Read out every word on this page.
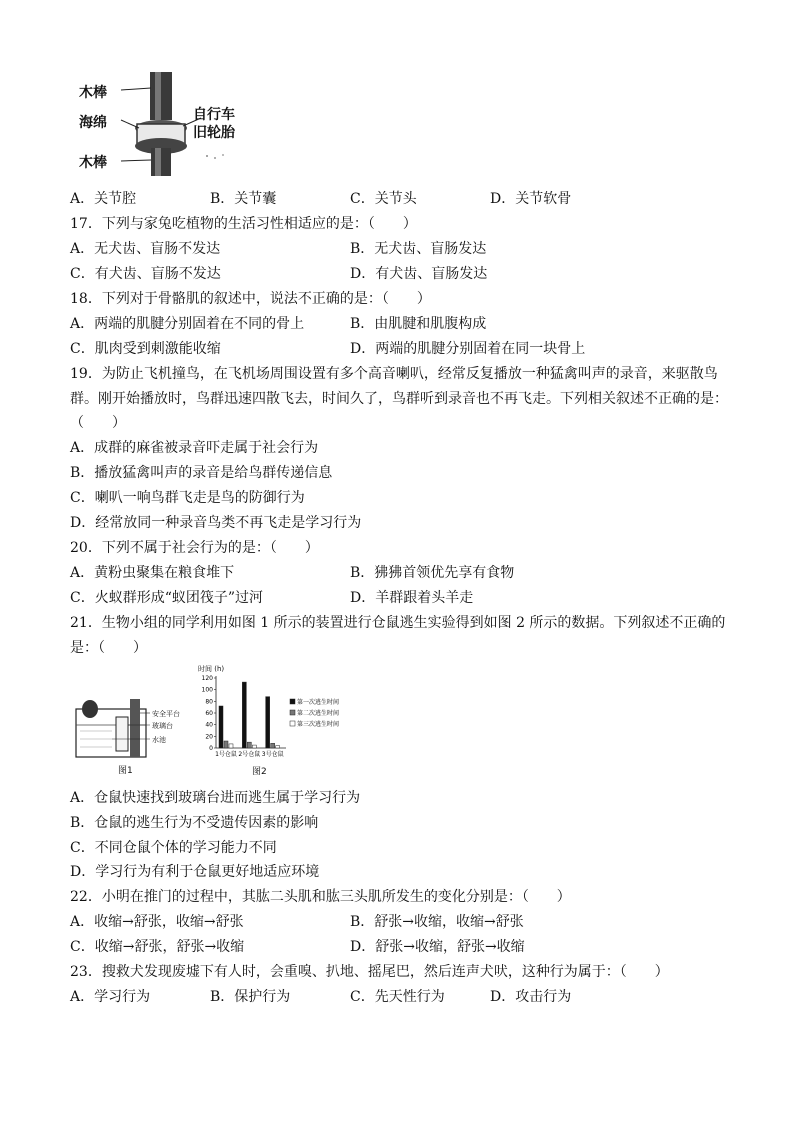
木棒
海绵
木棒
自行车
旧轮胎
A．关节腔	B．关节囊	C．关节头	D．关节软骨
17．下列与家兔吃植物的生活习性相适应的是：（　　）
A．无犬齿、盲肠不发达	B．无犬齿、盲肠发达
C．有犬齿、盲肠不发达	D．有犬齿、盲肠发达
18．下列对于骨骼肌的叙述中，说法不正确的是：（　　）
A．两端的肌腱分别固着在不同的骨上	B．由肌腱和肌腹构成
C．肌肉受到刺激能收缩	D．两端的肌腱分别固着在同一块骨上
19．为防止飞机撞鸟，在飞机场周围设置有多个高音喇叭，经常反复播放一种猛禽叫声的录音，来驱散鸟
群。刚开始播放时，鸟群迅速四散飞去，时间久了，鸟群听到录音也不再飞走。下列相关叙述不正确的是：
（　　）
A．成群的麻雀被录音吓走属于社会行为
B．播放猛禽叫声的录音是给鸟群传递信息
C．喇叭一响鸟群飞走是鸟的防御行为
D．经常放同一种录音鸟类不再飞走是学习行为
20．下列不属于社会行为的是：（　　）
A．黄粉虫聚集在粮食堆下	B．狒狒首领优先享有食物
C．火蚁群形成“蚁团筏子”过河	D．羊群跟着头羊走
21．生物小组的同学利用如图 1 所示的装置进行仓鼠逃生实验得到如图 2 所示的数据。下列叙述不正确的
是：（　　）
安全平台
玻璃台
水池
图1
0
20
40
60
80
100
120
1号仓鼠 2号仓鼠 3号仓鼠
第一次逃生时间
第二次逃生时间
第三次逃生时间
时间 (h)
图2
A．仓鼠快速找到玻璃台进而逃生属于学习行为
B．仓鼠的逃生行为不受遗传因素的影响
C．不同仓鼠个体的学习能力不同
D．学习行为有利于仓鼠更好地适应环境
22．小明在推门的过程中，其肱二头肌和肱三头肌所发生的变化分别是：（　　）
A．收缩→舒张，收缩→舒张	B．舒张→收缩，收缩→舒张
C．收缩→舒张，舒张→收缩	D．舒张→收缩，舒张→收缩
23．搜救犬发现废墟下有人时，会重嗅、扒地、摇尾巴，然后连声犬吠，这种行为属于：（　　）
A．学习行为	B．保护行为	C．先天性行为	D．攻击行为
